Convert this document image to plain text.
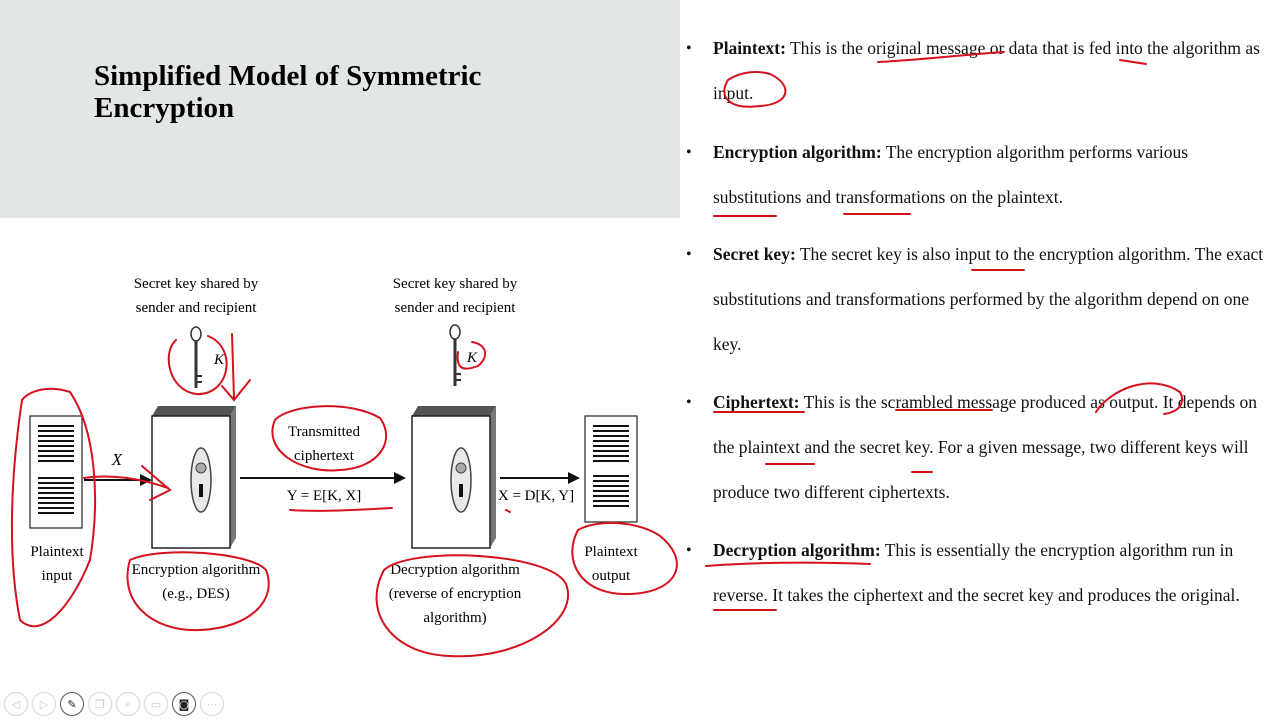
Simplified Model of Symmetric Encryption
Plaintext
input
X
Secret key shared by
sender and recipient
K
Encryption algorithm
(e.g., DES)
Transmitted
ciphertext
Y = E[K, X]
Secret key shared by
sender and recipient
K
Decryption algorithm
(reverse of encryption
algorithm)
X = D[K, Y]
Plaintext
output
• Plaintext: This is the original message or data that is fed into the algorithm as input.
• Encryption algorithm: The encryption algorithm performs various substitutions and transformations on the plaintext.
• Secret key: The secret key is also input to the encryption algorithm. The exact substitutions and transformations performed by the algorithm depend on one key.
• Ciphertext: This is the scrambled message produced as output. It depends on the plaintext and the secret key. For a given message, two different keys will produce two different ciphertexts.
• Decryption algorithm: This is essentially the encryption algorithm run in reverse. It takes the ciphertext and the secret key and produces the original.
◁	▷	✎	❐	⌕	▭	◙	⋯
